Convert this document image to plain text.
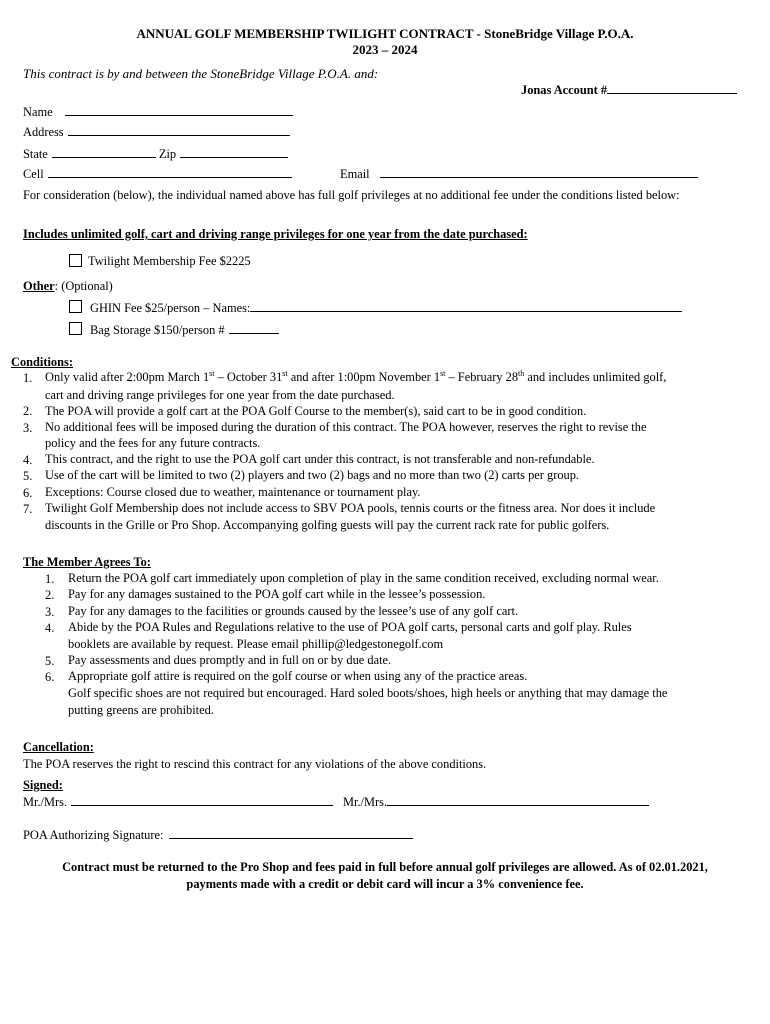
ANNUAL GOLF MEMBERSHIP TWILIGHT CONTRACT - StoneBridge Village P.O.A.
2023 – 2024
This contract is by and between the StoneBridge Village P.O.A. and:
Jonas Account #
Name
Address
State	Zip
Cell	Email
For consideration (below), the individual named above has full golf privileges at no additional fee under the conditions listed below:
Includes unlimited golf, cart and driving range privileges for one year from the date purchased:
Twilight Membership Fee $2225
Other: (Optional)
GHIN Fee $25/person – Names:
Bag Storage $150/person #
Conditions:
1. Only valid after 2:00pm March 1st – October 31st and after 1:00pm November 1st – February 28th and includes unlimited golf,
cart and driving range privileges for one year from the date purchased.
2. The POA will provide a golf cart at the POA Golf Course to the member(s), said cart to be in good condition.
3. No additional fees will be imposed during the duration of this contract. The POA however, reserves the right to revise the
policy and the fees for any future contracts.
4. This contract, and the right to use the POA golf cart under this contract, is not transferable and non-refundable.
5. Use of the cart will be limited to two (2) players and two (2) bags and no more than two (2) carts per group.
6. Exceptions: Course closed due to weather, maintenance or tournament play.
7. Twilight Golf Membership does not include access to SBV POA pools, tennis courts or the fitness area. Nor does it include
discounts in the Grille or Pro Shop. Accompanying golfing guests will pay the current rack rate for public golfers.
The Member Agrees To:
1. Return the POA golf cart immediately upon completion of play in the same condition received, excluding normal wear.
2. Pay for any damages sustained to the POA golf cart while in the lessee’s possession.
3. Pay for any damages to the facilities or grounds caused by the lessee’s use of any golf cart.
4. Abide by the POA Rules and Regulations relative to the use of POA golf carts, personal carts and golf play. Rules
booklets are available by request. Please email phillip@ledgestonegolf.com
5. Pay assessments and dues promptly and in full on or by due date.
6. Appropriate golf attire is required on the golf course or when using any of the practice areas.
Golf specific shoes are not required but encouraged. Hard soled boots/shoes, high heels or anything that may damage the
putting greens are prohibited.
Cancellation:
The POA reserves the right to rescind this contract for any violations of the above conditions.
Signed:
Mr./Mrs.	Mr./Mrs.
POA Authorizing Signature:
Contract must be returned to the Pro Shop and fees paid in full before annual golf privileges are allowed. As of 02.01.2021,
payments made with a credit or debit card will incur a 3% convenience fee.
